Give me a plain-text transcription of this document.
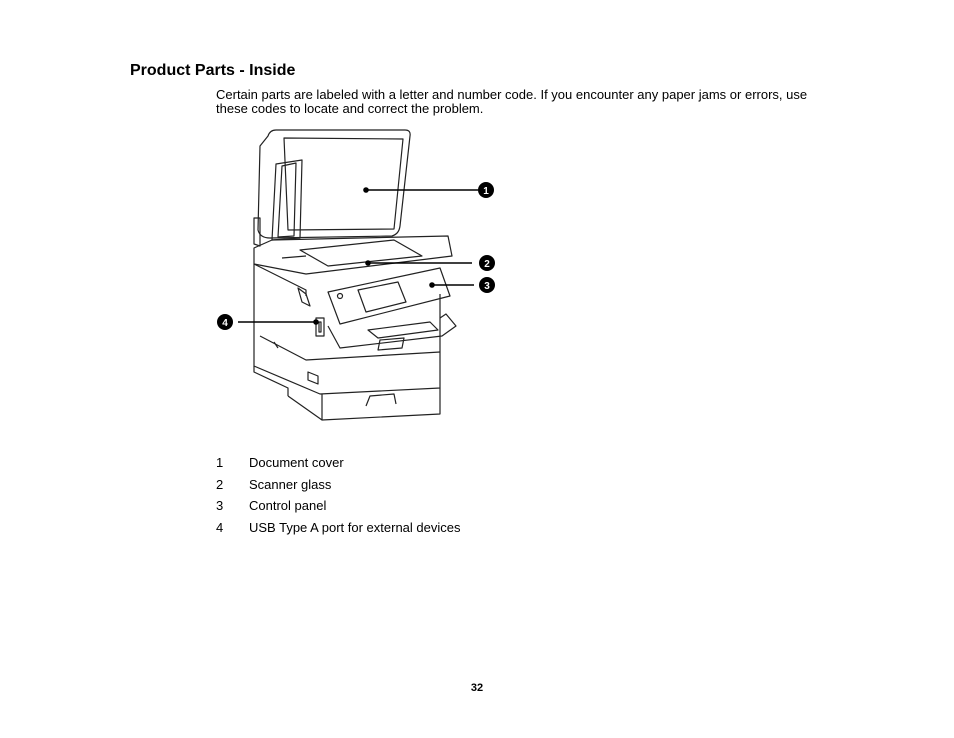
Product Parts - Inside

Certain parts are labeled with a letter and number code. If you encounter any paper jams or errors, use these codes to locate and correct the problem.

1
2
3
4
1	Document cover
2	Scanner glass
3	Control panel
4	USB Type A port for external devices
32
